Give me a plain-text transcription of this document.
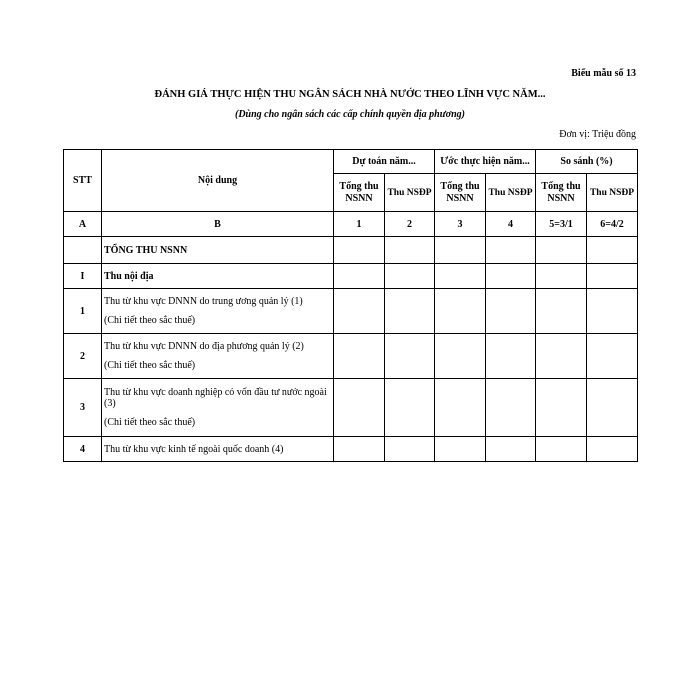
Biểu mẫu số 13
ĐÁNH GIÁ THỰC HIỆN THU NGÂN SÁCH NHÀ NƯỚC THEO LĨNH VỰC NĂM...
(Dùng cho ngân sách các cấp chính quyền địa phương)
Đơn vị: Triệu đồng
STT	Nội dung	Dự toán năm...		Ước thực hiện năm...		So sánh (%)	
		Tổng thu NSNN	Thu NSĐP	Tổng thu NSNN	Thu NSĐP	Tổng thu NSNN	Thu NSĐP
A	B	1	2	3	4	5=3/1	6=4/2
	TỔNG THU NSNN						
I	Thu nội địa						
1	Thu từ khu vực DNNN do trung ương quản lý (1)
(Chi tiết theo sắc thuế)						

2	Thu từ khu vực DNNN do địa phương quản lý (2)
(Chi tiết theo sắc thuế)						

3	Thu từ khu vực doanh nghiệp có vốn đầu tư nước ngoài (3)
(Chi tiết theo sắc thuế)						

4	Thu từ khu vực kinh tế ngoài quốc doanh (4)						
